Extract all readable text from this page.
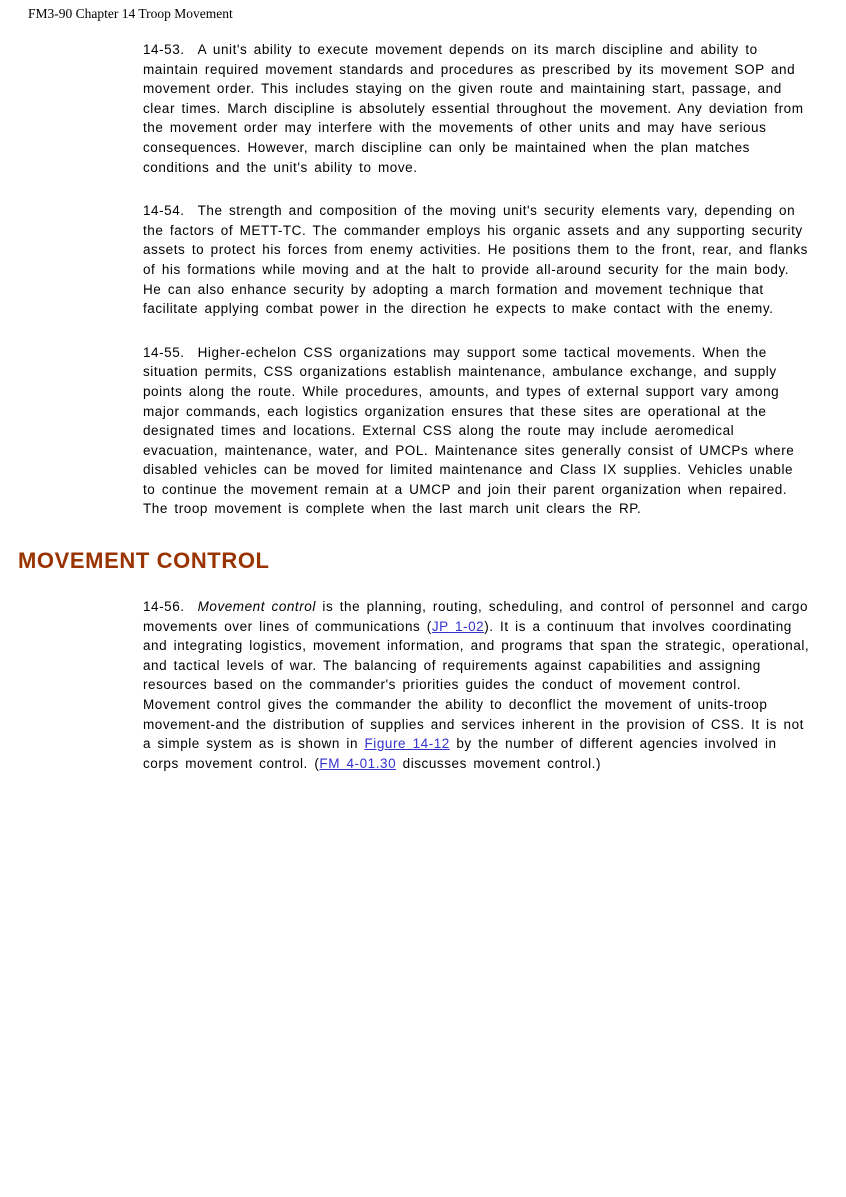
FM3-90 Chapter 14 Troop Movement

14-53. A unit's ability to execute movement depends on its march discipline and ability to maintain required movement standards and procedures as prescribed by its movement SOP and movement order. This includes staying on the given route and maintaining start, passage, and clear times. March discipline is absolutely essential throughout the movement. Any deviation from the movement order may interfere with the movements of other units and may have serious consequences. However, march discipline can only be maintained when the plan matches conditions and the unit's ability to move.

14-54. The strength and composition of the moving unit's security elements vary, depending on the factors of METT-TC. The commander employs his organic assets and any supporting security assets to protect his forces from enemy activities. He positions them to the front, rear, and flanks of his formations while moving and at the halt to provide all-around security for the main body. He can also enhance security by adopting a march formation and movement technique that facilitate applying combat power in the direction he expects to make contact with the enemy.

14-55. Higher-echelon CSS organizations may support some tactical movements. When the situation permits, CSS organizations establish maintenance, ambulance exchange, and supply points along the route. While procedures, amounts, and types of external support vary among major commands, each logistics organization ensures that these sites are operational at the designated times and locations. External CSS along the route may include aeromedical evacuation, maintenance, water, and POL. Maintenance sites generally consist of UMCPs where disabled vehicles can be moved for limited maintenance and Class IX supplies. Vehicles unable to continue the movement remain at a UMCP and join their parent organization when repaired. The troop movement is complete when the last march unit clears the RP.

MOVEMENT CONTROL

14-56. Movement control is the planning, routing, scheduling, and control of personnel and cargo movements over lines of communications (JP 1-02). It is a continuum that involves coordinating and integrating logistics, movement information, and programs that span the strategic, operational, and tactical levels of war. The balancing of requirements against capabilities and assigning resources based on the commander's priorities guides the conduct of movement control. Movement control gives the commander the ability to deconflict the movement of units-troop movement-and the distribution of supplies and services inherent in the provision of CSS. It is not a simple system as is shown in Figure 14-12 by the number of different agencies involved in corps movement control. (FM 4-01.30 discusses movement control.)
